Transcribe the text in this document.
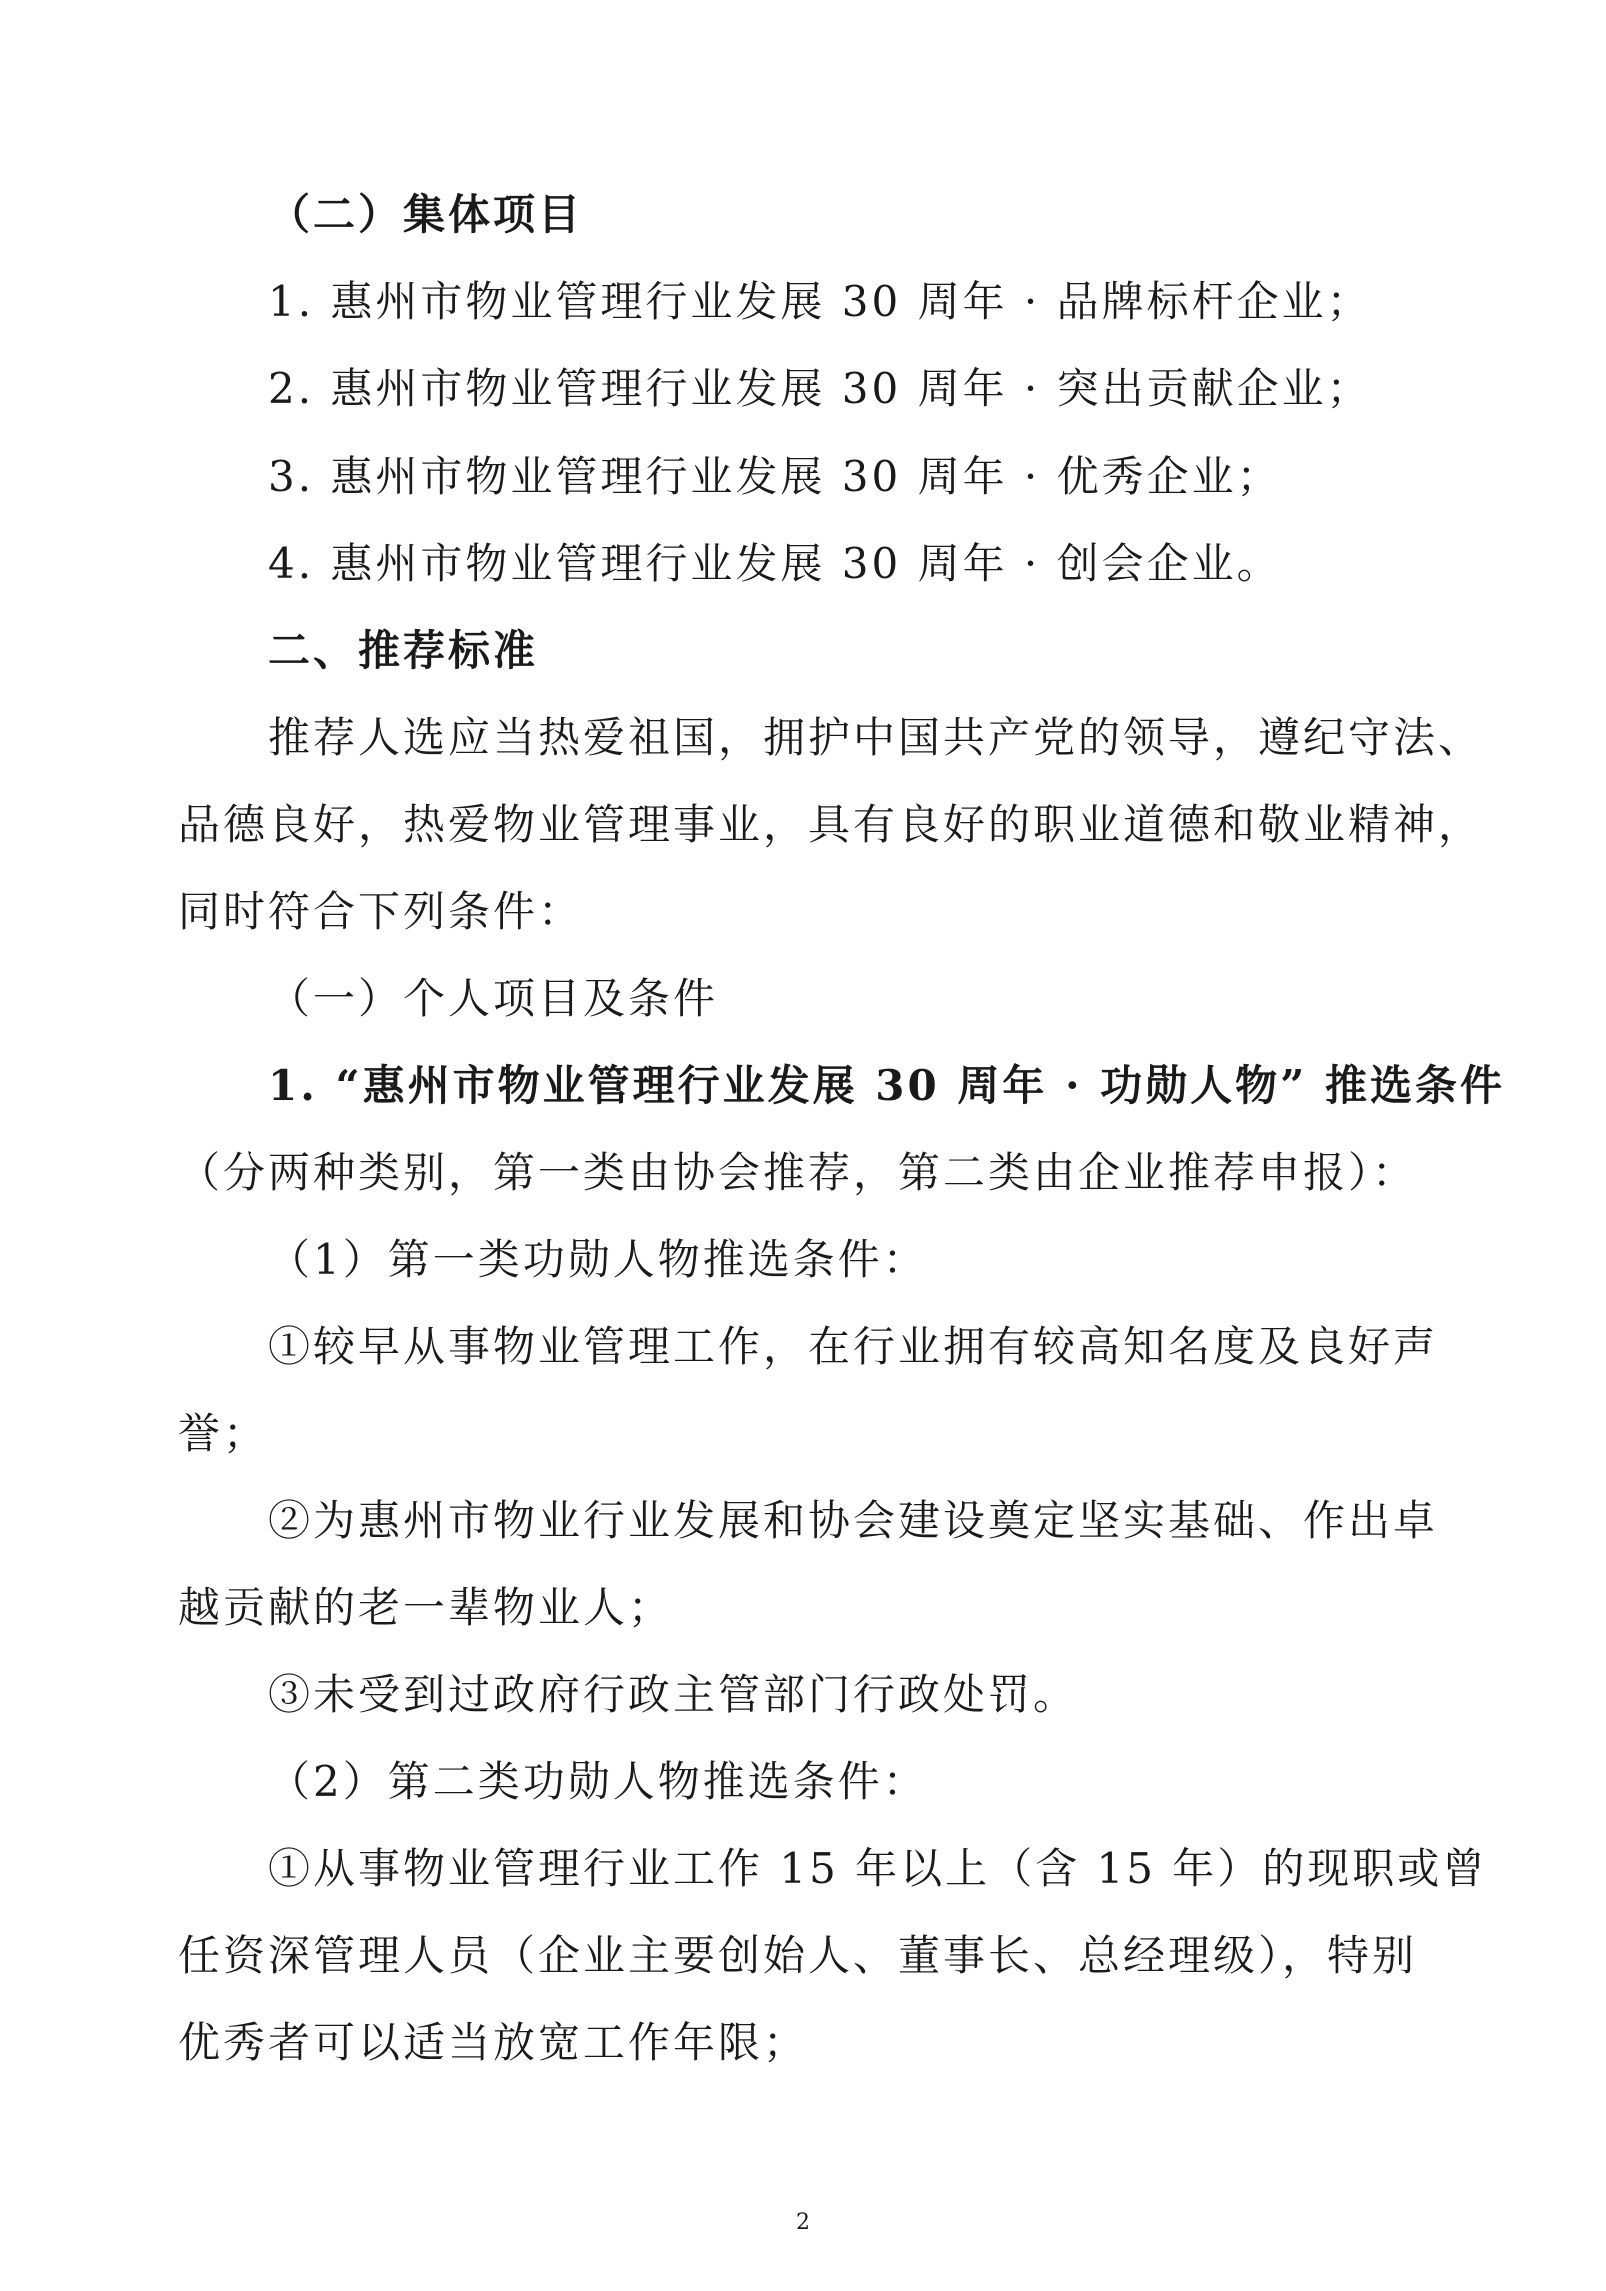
（二）集体项目
1. 惠州市物业管理行业发展 30 周年 · 品牌标杆企业；
2. 惠州市物业管理行业发展 30 周年 · 突出贡献企业；
3. 惠州市物业管理行业发展 30 周年 · 优秀企业；
4. 惠州市物业管理行业发展 30 周年 · 创会企业。
二、推荐标准
推荐人选应当热爱祖国，拥护中国共产党的领导，遵纪守法、
品德良好，热爱物业管理事业，具有良好的职业道德和敬业精神，
同时符合下列条件：
（一）个人项目及条件
1. “惠州市物业管理行业发展 30 周年 · 功勋人物” 推选条件
（分两种类别，第一类由协会推荐，第二类由企业推荐申报）：
（1）第一类功勋人物推选条件：
①较早从事物业管理工作，在行业拥有较高知名度及良好声
誉；
②为惠州市物业行业发展和协会建设奠定坚实基础、作出卓
越贡献的老一辈物业人；
③未受到过政府行政主管部门行政处罚。
（2）第二类功勋人物推选条件：
①从事物业管理行业工作 15 年以上（含 15 年）的现职或曾
任资深管理人员（企业主要创始人、董事长、总经理级），特别
优秀者可以适当放宽工作年限；
2
